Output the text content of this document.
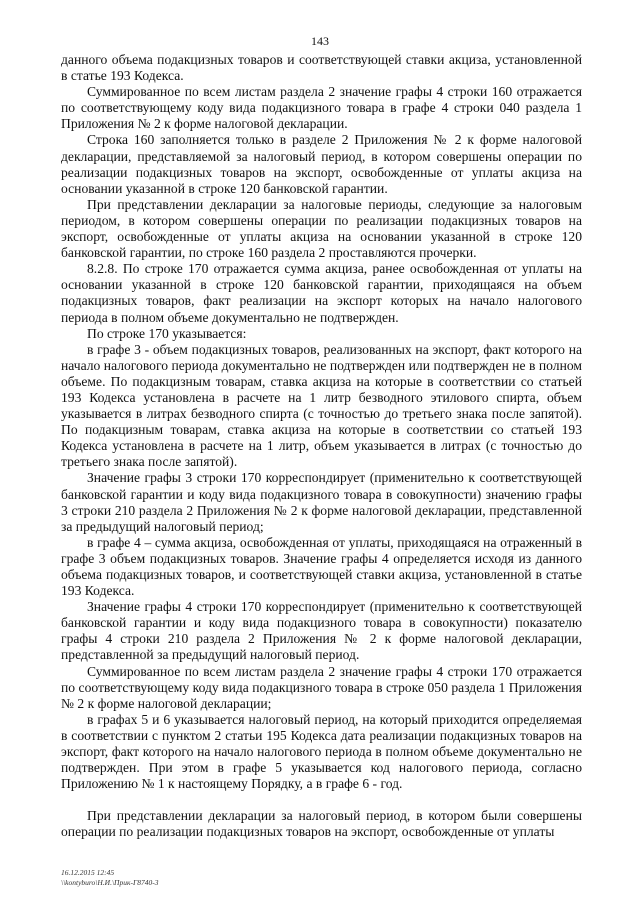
143

данного объема подакцизных товаров и соответствующей ставки акциза, установленной в статье 193 Кодекса.

Суммированное по всем листам раздела 2 значение графы 4 строки 160 отражается по соответствующему коду вида подакцизного товара в графе 4 строки 040 раздела 1 Приложения № 2 к форме налоговой декларации.

Строка 160 заполняется только в разделе 2 Приложения № 2 к форме налоговой декларации, представляемой за налоговый период, в котором совершены операции по реализации подакцизных товаров на экспорт, освобожденные от уплаты акциза на основании указанной в строке 120 банковской гарантии.

При представлении декларации за налоговые периоды, следующие за налоговым периодом, в котором совершены операции по реализации подакцизных товаров на экспорт, освобожденные от уплаты акциза на основании указанной в строке 120 банковской гарантии, по строке 160 раздела 2 проставляются прочерки.

8.2.8. По строке 170 отражается сумма акциза, ранее освобожденная от уплаты на основании указанной в строке 120 банковской гарантии, приходящаяся на объем подакцизных товаров, факт реализации на экспорт которых на начало налогового периода в полном объеме документально не подтвержден.

По строке 170 указывается:

в графе 3 - объем подакцизных товаров, реализованных на экспорт, факт которого на начало налогового периода документально не подтвержден или подтвержден не в полном объеме. По подакцизным товарам, ставка акциза на которые в соответствии со статьей 193 Кодекса установлена в расчете на 1 литр безводного этилового спирта, объем указывается в литрах безводного спирта (с точностью до третьего знака после запятой). По подакцизным товарам, ставка акциза на которые в соответствии со статьей 193 Кодекса установлена в расчете на 1 литр, объем указывается в литрах (с точностью до третьего знака после запятой).

Значение графы 3 строки 170 корреспондирует (применительно к соответствующей банковской гарантии и коду вида подакцизного товара в совокупности) значению графы 3 строки 210 раздела 2 Приложения № 2 к форме налоговой декларации, представленной за предыдущий налоговый период;

в графе 4 – сумма акциза, освобожденная от уплаты, приходящаяся на отраженный в графе 3 объем подакцизных товаров. Значение графы 4 определяется исходя из данного объема подакцизных товаров, и соответствующей ставки акциза, установленной в статье 193 Кодекса.

Значение графы 4 строки 170 корреспондирует (применительно к соответствующей банковской гарантии и коду вида подакцизного товара в совокупности) показателю графы 4 строки 210 раздела 2 Приложения № 2 к форме налоговой декларации, представленной за предыдущий налоговый период.

Суммированное по всем листам раздела 2 значение графы 4 строки 170 отражается по соответствующему коду вида подакцизного товара в строке 050 раздела 1 Приложения № 2 к форме налоговой декларации;

в графах 5 и 6 указывается налоговый период, на который приходится определяемая в соответствии с пунктом 2 статьи 195 Кодекса дата реализации подакцизных товаров на экспорт, факт которого на начало налогового периода в полном объеме документально не подтвержден. При этом в графе 5 указывается код налогового периода, согласно Приложению № 1 к настоящему Порядку, а в графе 6 - год.

При представлении декларации за налоговый период, в котором были совершены операции по реализации подакцизных товаров на экспорт, освобожденные от уплаты

16.12.2015 12:45
\\kontyburo\Н.И.\Прик-Г8740-3
